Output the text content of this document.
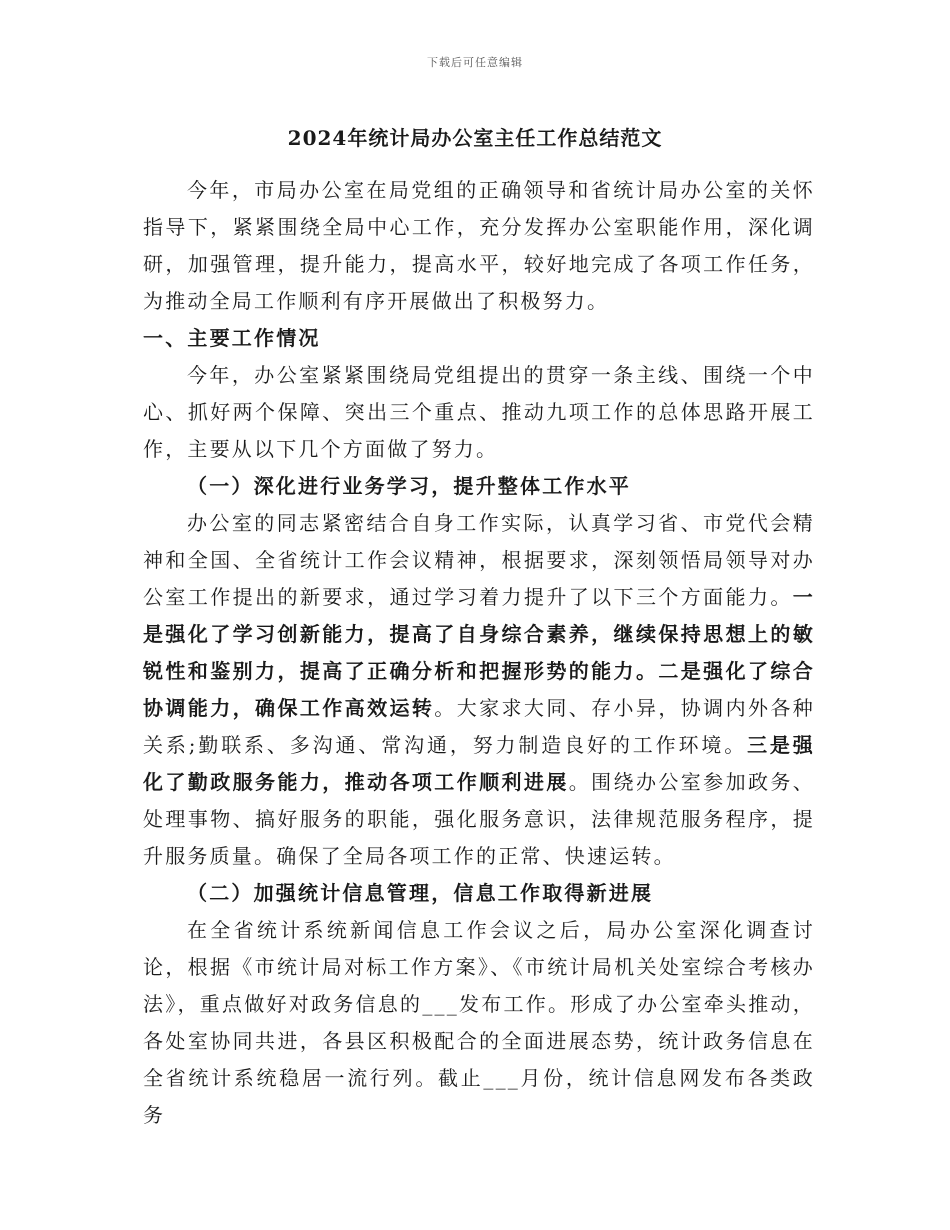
下载后可任意编辑
2024年统计局办公室主任工作总结范文

今年，市局办公室在局党组的正确领导和省统计局办公室的关怀指导下，紧紧围绕全局中心工作，充分发挥办公室职能作用，深化调研，加强管理，提升能力，提高水平，较好地完成了各项工作任务，为推动全局工作顺利有序开展做出了积极努力。

一、主要工作情况

今年，办公室紧紧围绕局党组提出的贯穿一条主线、围绕一个中心、抓好两个保障、突出三个重点、推动九项工作的总体思路开展工作，主要从以下几个方面做了努力。

（一）深化进行业务学习，提升整体工作水平

办公室的同志紧密结合自身工作实际，认真学习省、市党代会精神和全国、全省统计工作会议精神，根据要求，深刻领悟局领导对办公室工作提出的新要求，通过学习着力提升了以下三个方面能力。一是强化了学习创新能力，提高了自身综合素养，继续保持思想上的敏锐性和鉴别力，提高了正确分析和把握形势的能力。二是强化了综合协调能力，确保工作高效运转。大家求大同、存小异，协调内外各种关系;勤联系、多沟通、常沟通，努力制造良好的工作环境。三是强化了勤政服务能力，推动各项工作顺利进展。围绕办公室参加政务、处理事物、搞好服务的职能，强化服务意识，法律规范服务程序，提升服务质量。确保了全局各项工作的正常、快速运转。

（二）加强统计信息管理，信息工作取得新进展

在全省统计系统新闻信息工作会议之后，局办公室深化调查讨论，根据《市统计局对标工作方案》、《市统计局机关处室综合考核办法》，重点做好对政务信息的___发布工作。形成了办公室牵头推动，各处室协同共进，各县区积极配合的全面进展态势，统计政务信息在全省统计系统稳居一流行列。截止___月份，统计信息网发布各类政务
